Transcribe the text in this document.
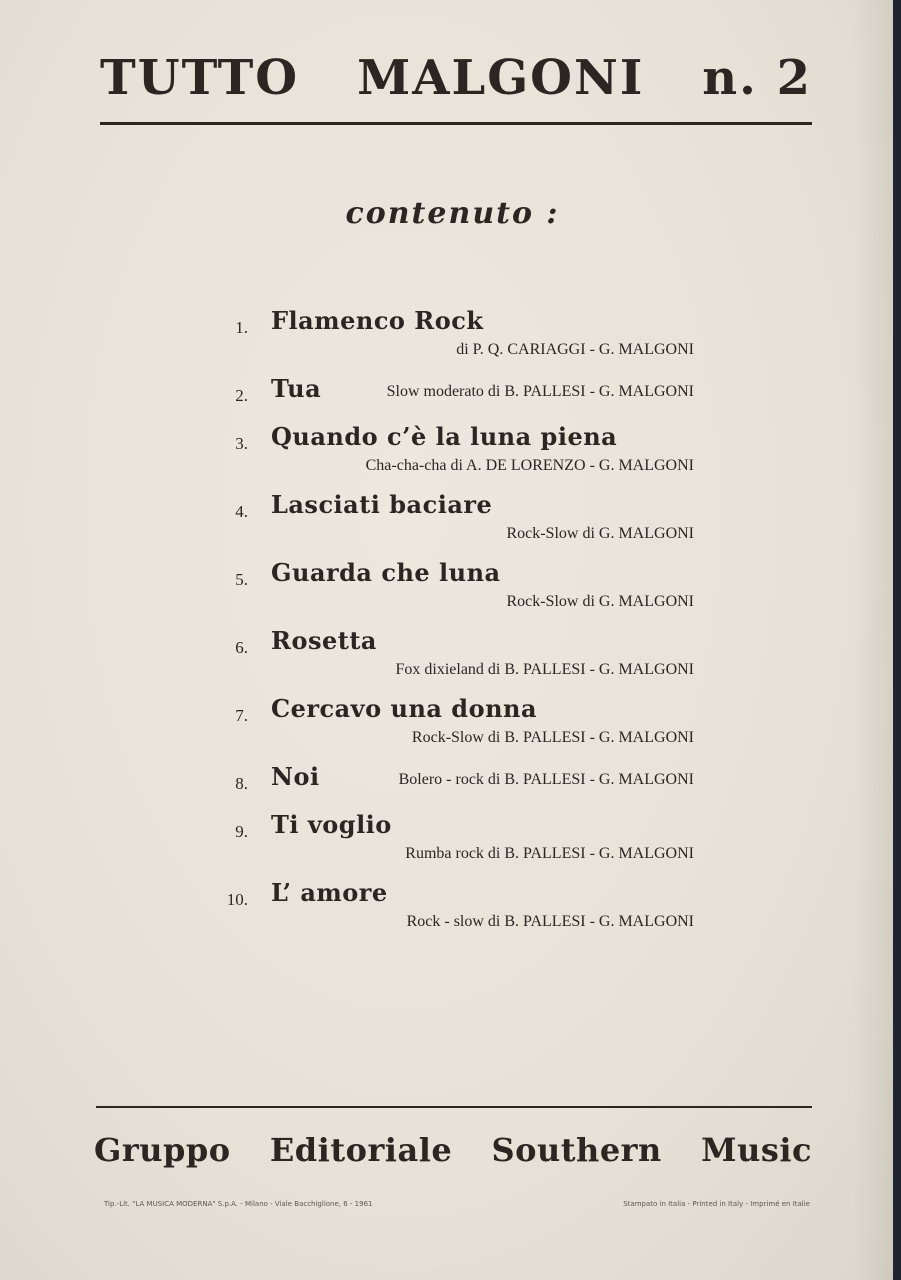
TUTTO MALGONI n. 2
contenuto :
1. Flamenco Rock
di P. Q. CARIAGGI - G. MALGONI
2. Tua	Slow moderato di B. PALLESI - G. MALGONI
3. Quando c’è la luna piena
Cha-cha-cha di A. DE LORENZO - G. MALGONI
4. Lasciati baciare
Rock-Slow di G. MALGONI
5. Guarda che luna
Rock-Slow di G. MALGONI
6. Rosetta
Fox dixieland di B. PALLESI - G. MALGONI
7. Cercavo una donna
Rock-Slow di B. PALLESI - G. MALGONI
8. Noi	Bolero - rock di B. PALLESI - G. MALGONI
9. Ti voglio
Rumba rock di B. PALLESI - G. MALGONI
10. L’ amore
Rock - slow di B. PALLESI - G. MALGONI
Gruppo Editoriale Southern Music
Tip.-Lit. "LA MUSICA MODERNA" S.p.A. - Milano - Viale Bacchiglione, 6 - 1961	Stampato in Italia - Printed in Italy - Imprimé en Italie
